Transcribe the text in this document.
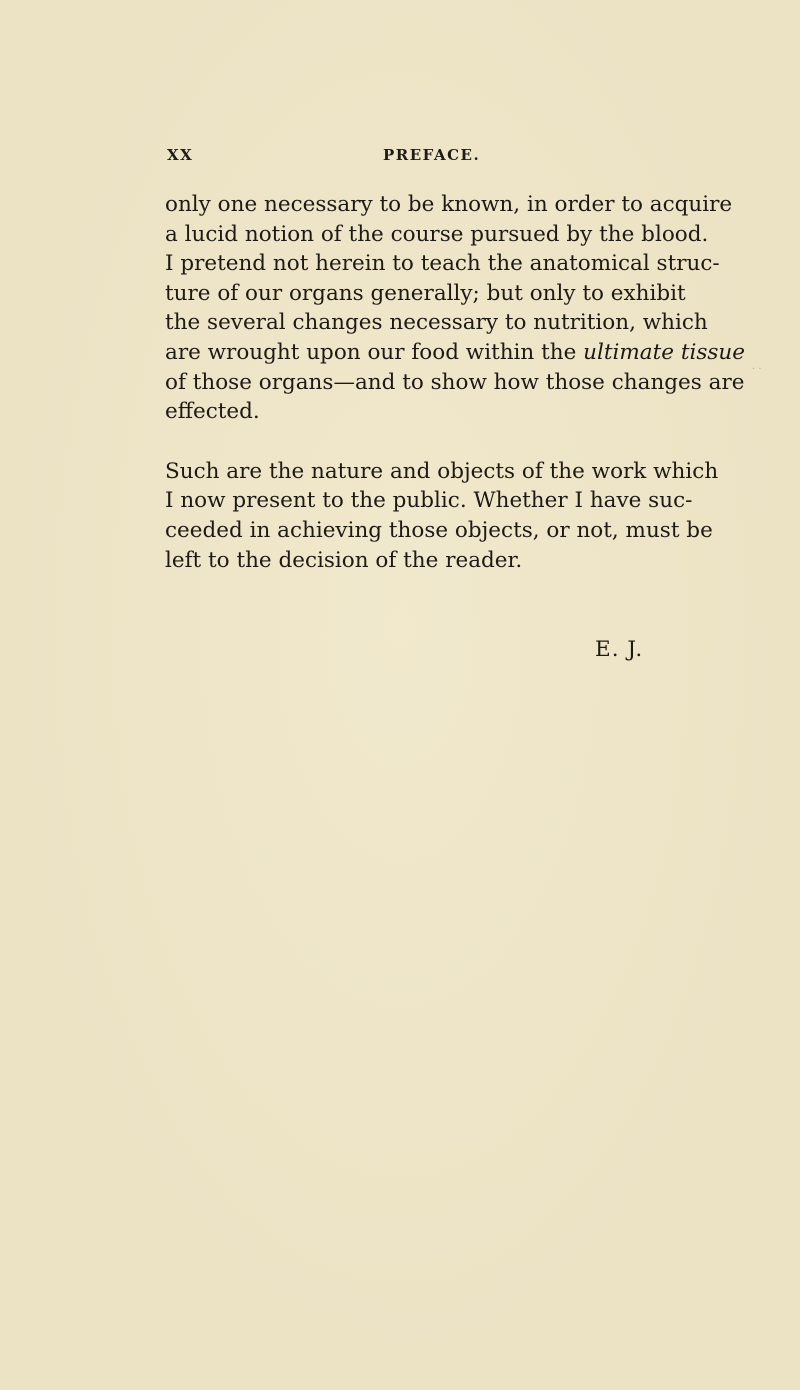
XX	PREFACE.
only one necessary to be known, in order to acquire
a lucid notion of the course pursued by the blood.
I pretend not herein to teach the anatomical struc-
ture of our organs generally; but only to exhibit
the several changes necessary to nutrition, which
are wrought upon our food within the ultimate tissue
of those organs—and to show how those changes are
effected.
Such are the nature and objects of the work which
I now present to the public. Whether I have suc-
ceeded in achieving those objects, or not, must be
left to the decision of the reader.
E. J.
· ·
